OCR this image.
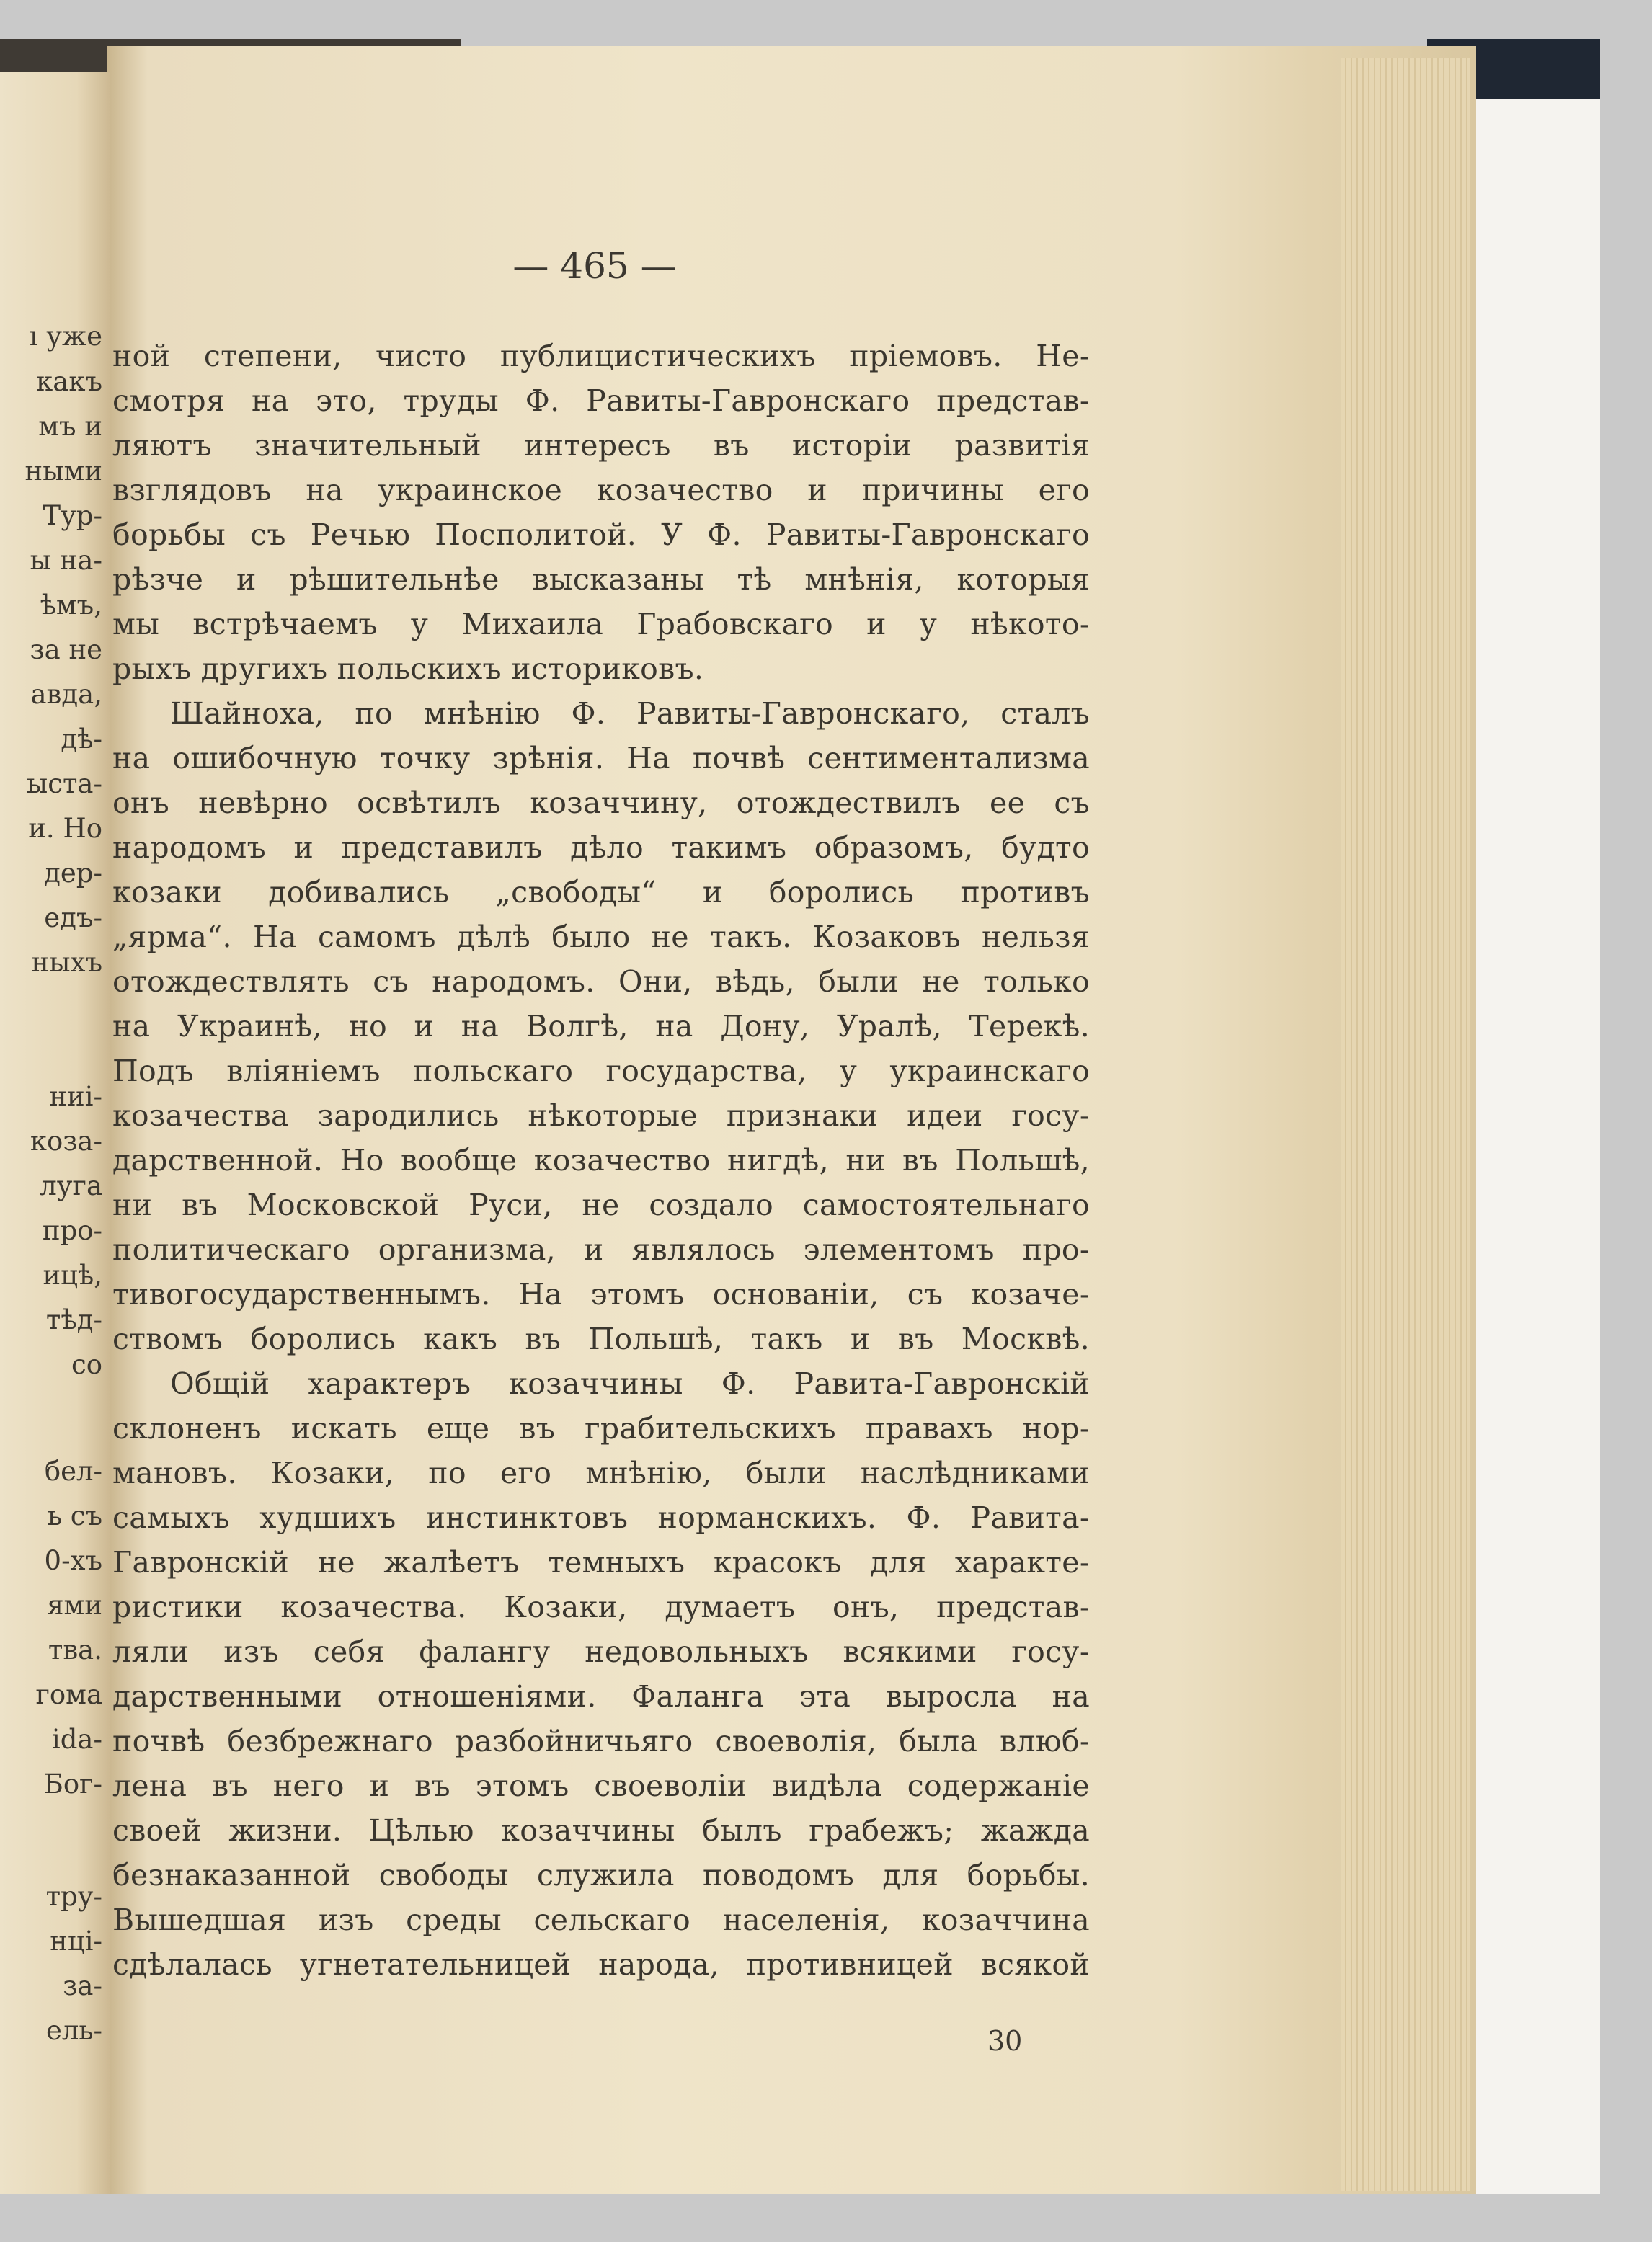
ı уже
какъ
мъ и
ными
Тур-
ы на-
ѣмъ,
за не
авда,
дѣ-
ыста-
и. Но
дер-
едъ-
ныхъ
ниі-
коза-
луга
про-
ицѣ,
тѣд-
со
бел-
ь съ
0-хъ
ями
тва.
гома
ida-
Бог-
тру-
нці-
за-
ель-
— 465 —
ной степени, чисто публицистическихъ пріемовъ. Не-
смотря на это, труды Ф. Равиты-Гавронскаго представ-
ляютъ значительный интересъ въ исторіи развитія
взглядовъ на украинское козачество и причины его
борьбы съ Речью Посполитой. У Ф. Равиты-Гавронскаго
рѣзче и рѣшительнѣе высказаны тѣ мнѣнія, которыя
мы встрѣчаемъ у Михаила Грабовскаго и у нѣкото-
рыхъ другихъ польскихъ историковъ.
Шайноха, по мнѣнію Ф. Равиты-Гавронскаго, сталъ
на ошибочную точку зрѣнія. На почвѣ сентиментализма
онъ невѣрно освѣтилъ козаччину, отождествилъ ее съ
народомъ и представилъ дѣло такимъ образомъ, будто
козаки добивались „свободы“ и боролись противъ
„ярма“. На самомъ дѣлѣ было не такъ. Козаковъ нельзя
отождествлять съ народомъ. Они, вѣдь, были не только
на Украинѣ, но и на Волгѣ, на Дону, Уралѣ, Терекѣ.
Подъ вліяніемъ польскаго государства, у украинскаго
козачества зародились нѣкоторые признаки идеи госу-
дарственной. Но вообще козачество нигдѣ, ни въ Польшѣ,
ни въ Московской Руси, не создало самостоятельнаго
политическаго организма, и являлось элементомъ про-
тивогосударственнымъ. На этомъ основаніи, съ козаче-
ствомъ боролись какъ въ Польшѣ, такъ и въ Москвѣ.
Общій характеръ козаччины Ф. Равита-Гавронскій
склоненъ искать еще въ грабительскихъ правахъ нор-
мановъ. Козаки, по его мнѣнію, были наслѣдниками
самыхъ худшихъ инстинктовъ норманскихъ. Ф. Равита-
Гавронскій не жалѣетъ темныхъ красокъ для характе-
ристики козачества. Козаки, думаетъ онъ, представ-
ляли изъ себя фалангу недовольныхъ всякими госу-
дарственными отношеніями. Фаланга эта выросла на
почвѣ безбрежнаго разбойничьяго своеволія, была влюб-
лена въ него и въ этомъ своеволіи видѣла содержаніе
своей жизни. Цѣлью козаччины былъ грабежъ; жажда
безнаказанной свободы служила поводомъ для борьбы.
Вышедшая изъ среды сельскаго населенія, козаччина
сдѣлалась угнетательницей народа, противницей всякой
30
